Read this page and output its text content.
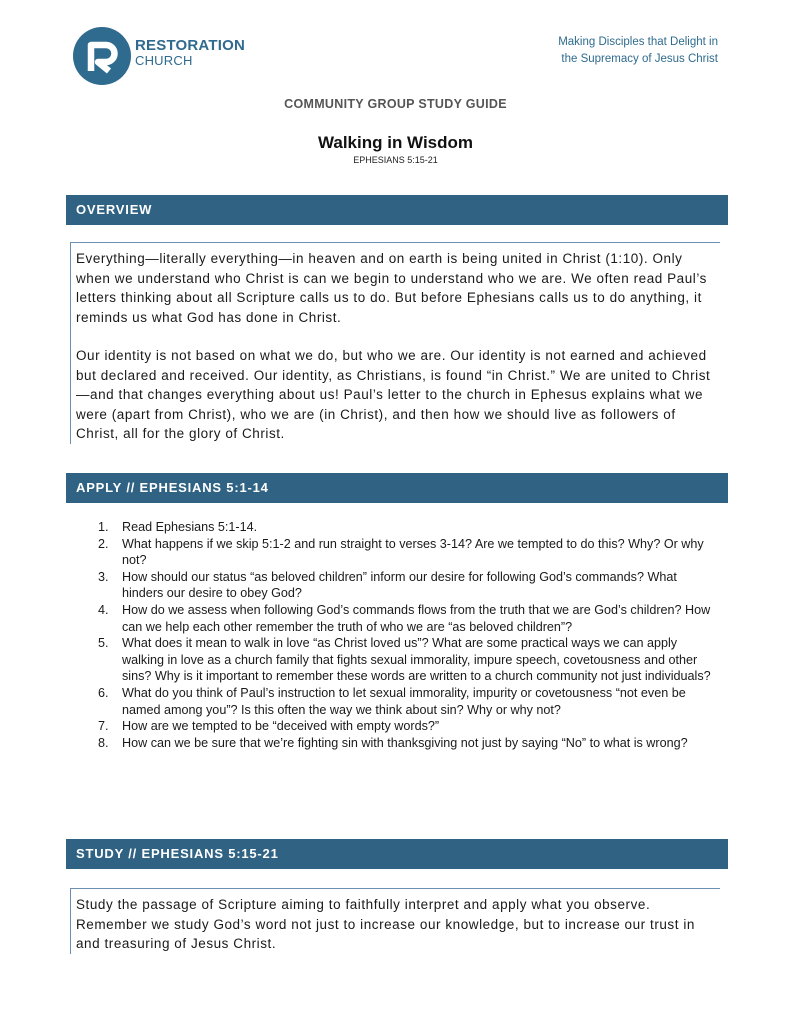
RESTORATION
CHURCH
Making Disciples that Delight in
the Supremacy of Jesus Christ
COMMUNITY GROUP STUDY GUIDE
Walking in Wisdom
EPHESIANS 5:15-21
OVERVIEW

Everything—literally everything—in heaven and on earth is being united in Christ (1:10). Only when we understand who Christ is can we begin to understand who we are. We often read Paul’s letters thinking about all Scripture calls us to do. But before Ephesians calls us to do anything, it reminds us what God has done in Christ.

Our identity is not based on what we do, but who we are. Our identity is not earned and achieved but declared and received. Our identity, as Christians, is found “in Christ.” We are united to Christ—and that changes everything about us! Paul’s letter to the church in Ephesus explains what we were (apart from Christ), who we are (in Christ), and then how we should live as followers of Christ, all for the glory of Christ.

APPLY // EPHESIANS 5:1-14
1. Read Ephesians 5:1-14.
2. What happens if we skip 5:1-2 and run straight to verses 3-14? Are we tempted to do this? Why? Or why not?
3. How should our status “as beloved children” inform our desire for following God’s commands? What hinders our desire to obey God?
4. How do we assess when following God’s commands flows from the truth that we are God’s children? How can we help each other remember the truth of who we are “as beloved children”?
5. What does it mean to walk in love “as Christ loved us”? What are some practical ways we can apply walking in love as a church family that fights sexual immorality, impure speech, covetousness and other sins? Why is it important to remember these words are written to a church community not just individuals?
6. What do you think of Paul’s instruction to let sexual immorality, impurity or covetousness “not even be named among you”? Is this often the way we think about sin? Why or why not?
7. How are we tempted to be “deceived with empty words?”
8. How can we be sure that we’re fighting sin with thanksgiving not just by saying “No” to what is wrong?
STUDY // EPHESIANS 5:15-21

Study the passage of Scripture aiming to faithfully interpret and apply what you observe. Remember we study God’s word not just to increase our knowledge, but to increase our trust in and treasuring of Jesus Christ.
